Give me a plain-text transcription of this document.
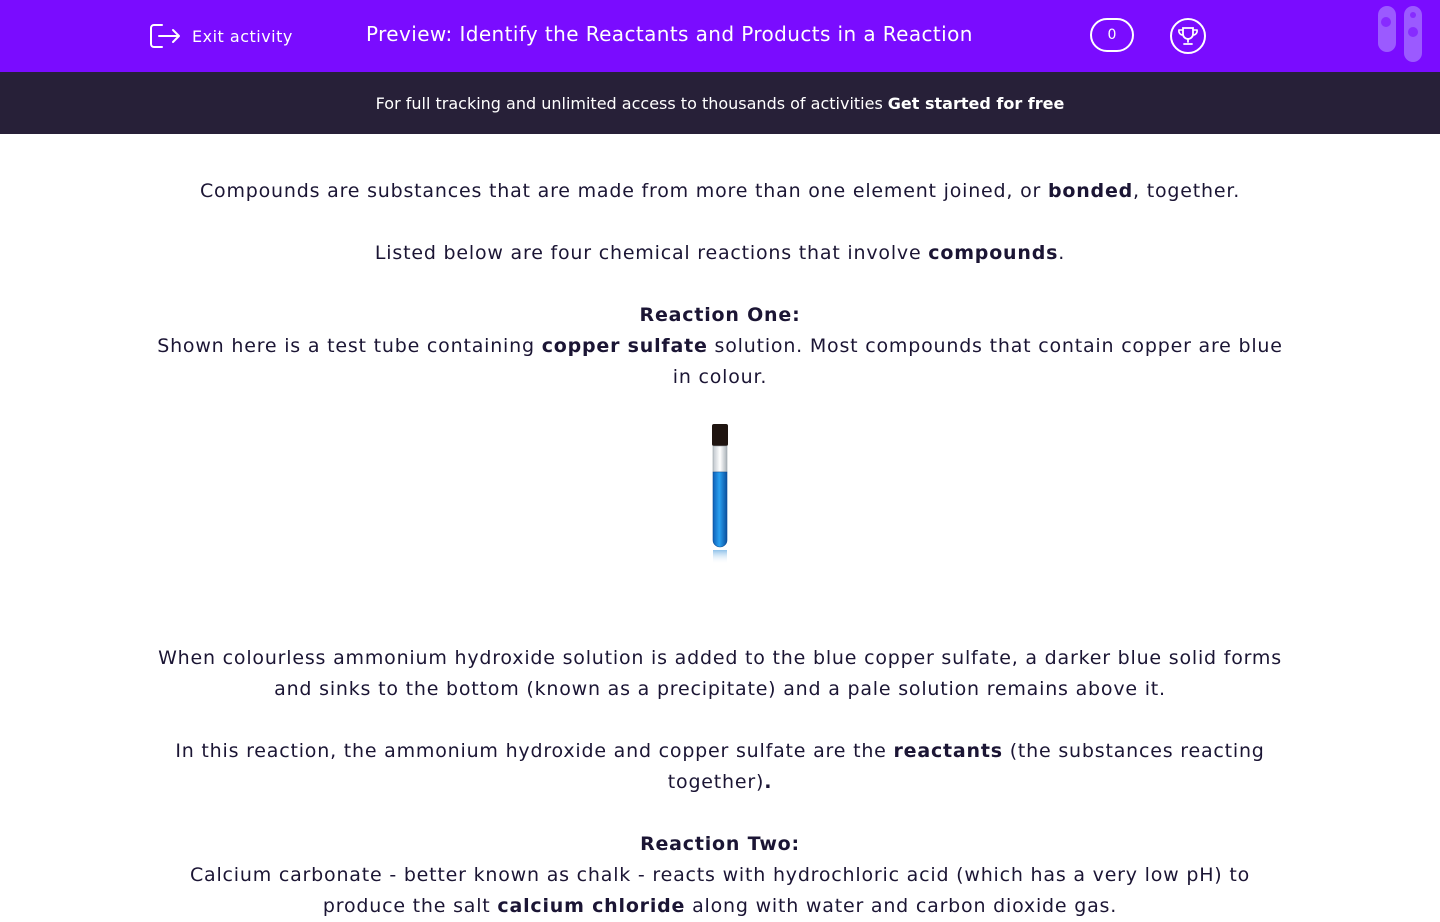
Exit activity	Preview: Identify the Reactants and Products in a Reaction	0
For full tracking and unlimited access to thousands of activities Get started for free

Compounds are substances that are made from more than one element joined, or bonded, together.

Listed below are four chemical reactions that involve compounds.

Reaction One:

Shown here is a test tube containing copper sulfate solution. Most compounds that contain copper are blue in colour.

When colourless ammonium hydroxide solution is added to the blue copper sulfate, a darker blue solid forms and sinks to the bottom (known as a precipitate) and a pale solution remains above it.

In this reaction, the ammonium hydroxide and copper sulfate are the reactants (the substances reacting together).

Reaction Two:

Calcium carbonate - better known as chalk - reacts with hydrochloric acid (which has a very low pH) to produce the salt calcium chloride along with water and carbon dioxide gas.
